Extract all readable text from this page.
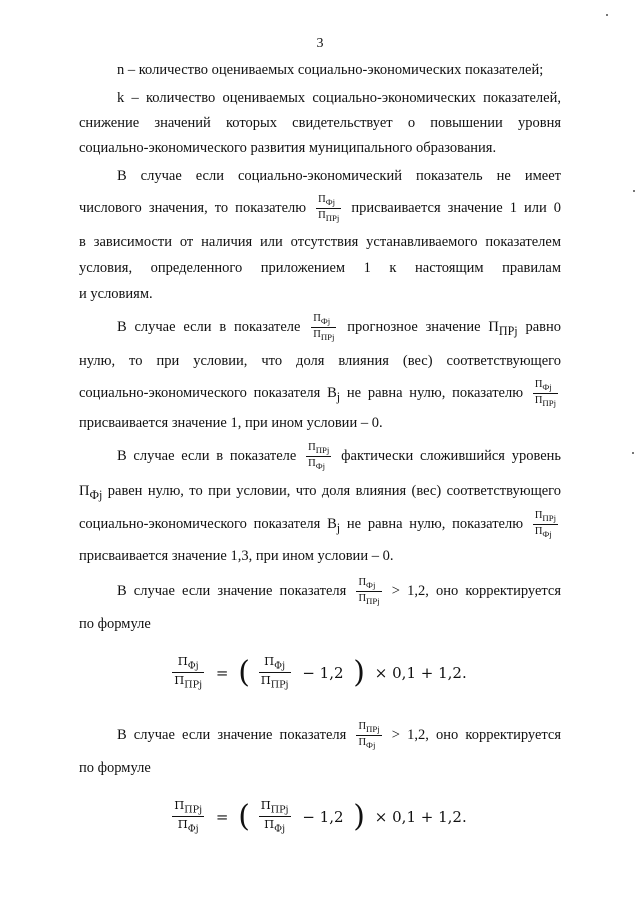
3
n – количество оцениваемых социально-экономических показателей;
k – количество оцениваемых социально-экономических показателей,
снижение значений которых свидетельствует о повышении уровня
социально-экономического развития муниципального образования.
В случае если социально-экономический показатель не имеет
числового значения, то показателю $\frac{П_{Фj}}{П_{ПРj}}$ присваивается значение 1 или 0
в зависимости от наличия или отсутствия устанавливаемого показателем
условия, определенного приложением 1 к настоящим правилам
и условиям.
В случае если в показателе $\frac{П_{Фj}}{П_{ПРj}}$ прогнозное значение $П_{ПРj}$ равно
нулю, то при условии, что доля влияния (вес) соответствующего
социально-экономического показателя $В_j$ не равна нулю, показателю $\frac{П_{Фj}}{П_{ПРj}}$
присваивается значение 1, при ином условии – 0.
В случае если в показателе $\frac{П_{ПРj}}{П_{Фj}}$ фактически сложившийся уровень
$П_{Фj}$ равен нулю, то при условии, что доля влияния (вес) соответствующего
социально-экономического показателя $В_j$ не равна нулю, показателю $\frac{П_{ПРj}}{П_{Фj}}$
присваивается значение 1,3, при ином условии – 0.
В случае если значение показателя $\frac{П_{Фj}}{П_{ПРj}} > 1,2$, оно корректируется
по формуле
$\frac{П_{Фj}}{П_{ПРj}}$ = ( $\frac{П_{Фj}}{П_{ПРj}} - 1,2$ ) × 0,1 + 1,2.
В случае если значение показателя $\frac{П_{ПРj}}{П_{Фj}} > 1,2$, оно корректируется
по формуле
$\frac{П_{ПРj}}{П_{Фj}}$ = ( $\frac{П_{ПРj}}{П_{Фj}} - 1,2$ ) × 0,1 + 1,2.
